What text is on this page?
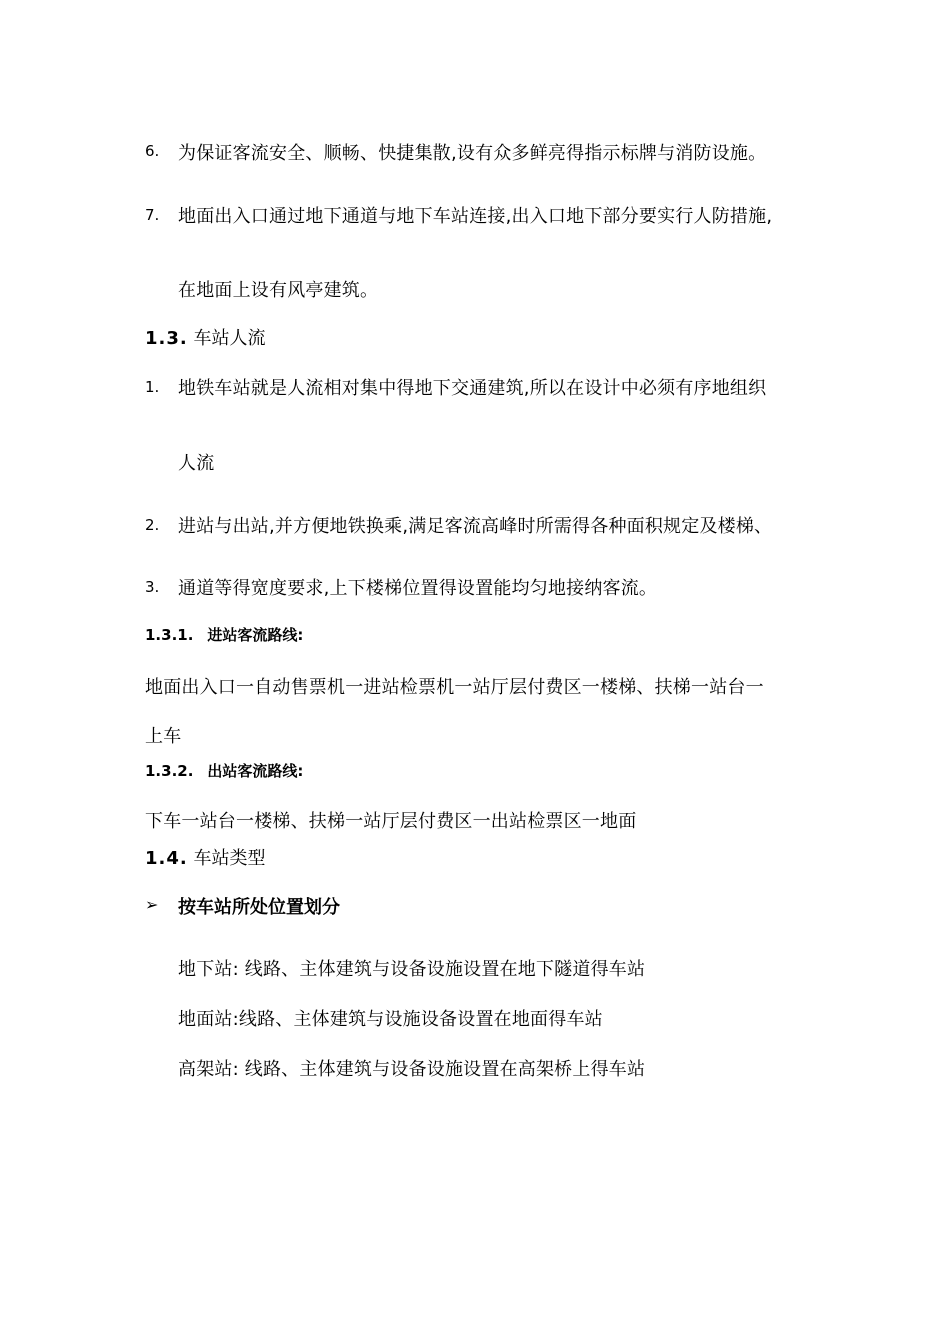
6. 为保证客流安全、顺畅、快捷集散,设有众多鲜亮得指示标牌与消防设施。
7. 地面出入口通过地下通道与地下车站连接,出入口地下部分要实行人防措施,
在地面上设有风亭建筑。
1.3. 车站人流
1. 地铁车站就是人流相对集中得地下交通建筑,所以在设计中必须有序地组织
人流
2. 进站与出站,并方便地铁换乘,满足客流高峰时所需得各种面积规定及楼梯、
3. 通道等得宽度要求,上下楼梯位置得设置能均匀地接纳客流。
1.3.1. 进站客流路线:
地面出入口一自动售票机一进站检票机一站厅层付费区一楼梯、扶梯一站台一
上车
1.3.2. 出站客流路线:
下车一站台一楼梯、扶梯一站厅层付费区一出站检票区一地面
1.4. 车站类型
➢ 按车站所处位置划分
地下站: 线路、主体建筑与设备设施设置在地下隧道得车站
地面站:线路、主体建筑与设施设备设置在地面得车站
高架站: 线路、主体建筑与设备设施设置在高架桥上得车站
